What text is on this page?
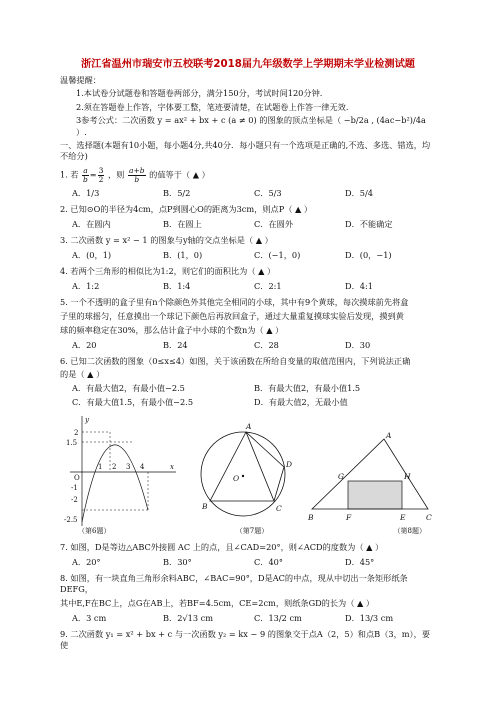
浙江省温州市瑞安市五校联考2018届九年级数学上学期期末学业检测试题
温馨提醒：
1.本试卷分试题卷和答题卷两部分，满分150分，考试时间120分钟.
2.须在答题卷上作答，字体要工整，笔迹要清楚，在试题卷上作答一律无效.
3参考公式：二次函数 y = ax² + bx + c (a ≠ 0) 的图象的顶点坐标是（ −b/2a , (4ac−b²)/4a ）.
一、选择题(本题有10小题，每小题4分,共40分．每小题只有一个选项是正确的,不选、多选、错选，均不给分)
1. 若 $\frac{a}{b} = \frac{3}{2}$ ，则 $\frac{a+b}{b}$ 的值等于（ ▲ ）
A．1/3	B．5/2	C．5/3	D．5/4
2. 已知⊙O的半径为4cm，点P到圆心O的距离为3cm，则点P（ ▲ ）
A．在圆内	B．在圆上	C．在圆外	D．不能确定
3. 二次函数 y = x² − 1 的图象与y轴的交点坐标是（ ▲ ）
A．(0，1)	B．(1，0)	C．(−1，0)	D．(0，−1)
4. 若两个三角形的相似比为1:2，则它们的面积比为（ ▲ ）
A．1:2	B．1:4	C．2:1	D．4:1
5. 一个不透明的盒子里有n个除颜色外其他完全相同的小球，其中有9个黄球，每次摸球前先将盒
子里的球摇匀，任意摸出一个球记下颜色后再放回盒子，通过大量重复摸球实验后发现，摸到黄
球的频率稳定在30%，那么估计盒子中小球的个数n为（ ▲ ）
A．20	B．24	C．28	D．30
6. 已知二次函数的图象（0≤x≤4）如图，关于该函数在所给自变量的取值范围内，下列说法正确
的是（ ▲ ）
A．有最大值2，有最小值−2.5	B．有最大值2，有最小值1.5
C．有最大值1.5，有最小值−2.5	D．有最大值2，无最小值
2
1.5
O
-1
-2
-2.5
1 2 3 4	x
y
A
O
B	C
D
A
G	H
B	F	E	C
（第6题）	（第7题）	（第8题）
7. 如图，D是等边△ABC外接圆 AC 上的点，且∠CAD=20°，则∠ACD的度数为（ ▲ ）
A．20°	B．30°	C．40°	D．45°
8. 如图，有一块直角三角形余料ABC，∠BAC=90°，D是AC的中点，现从中切出一条矩形纸条DEFG，
其中E,F在BC上，点G在AB上，若BF=4.5cm，CE=2cm，则纸条GD的长为（ ▲ ）
A．3 cm	B．2√13 cm	C．13/2 cm	D．13/3 cm
9. 二次函数 y₁ = x² + bx + c 与一次函数 y₂ = kx − 9 的图象交于点A（2，5）和点B（3，m），要使
